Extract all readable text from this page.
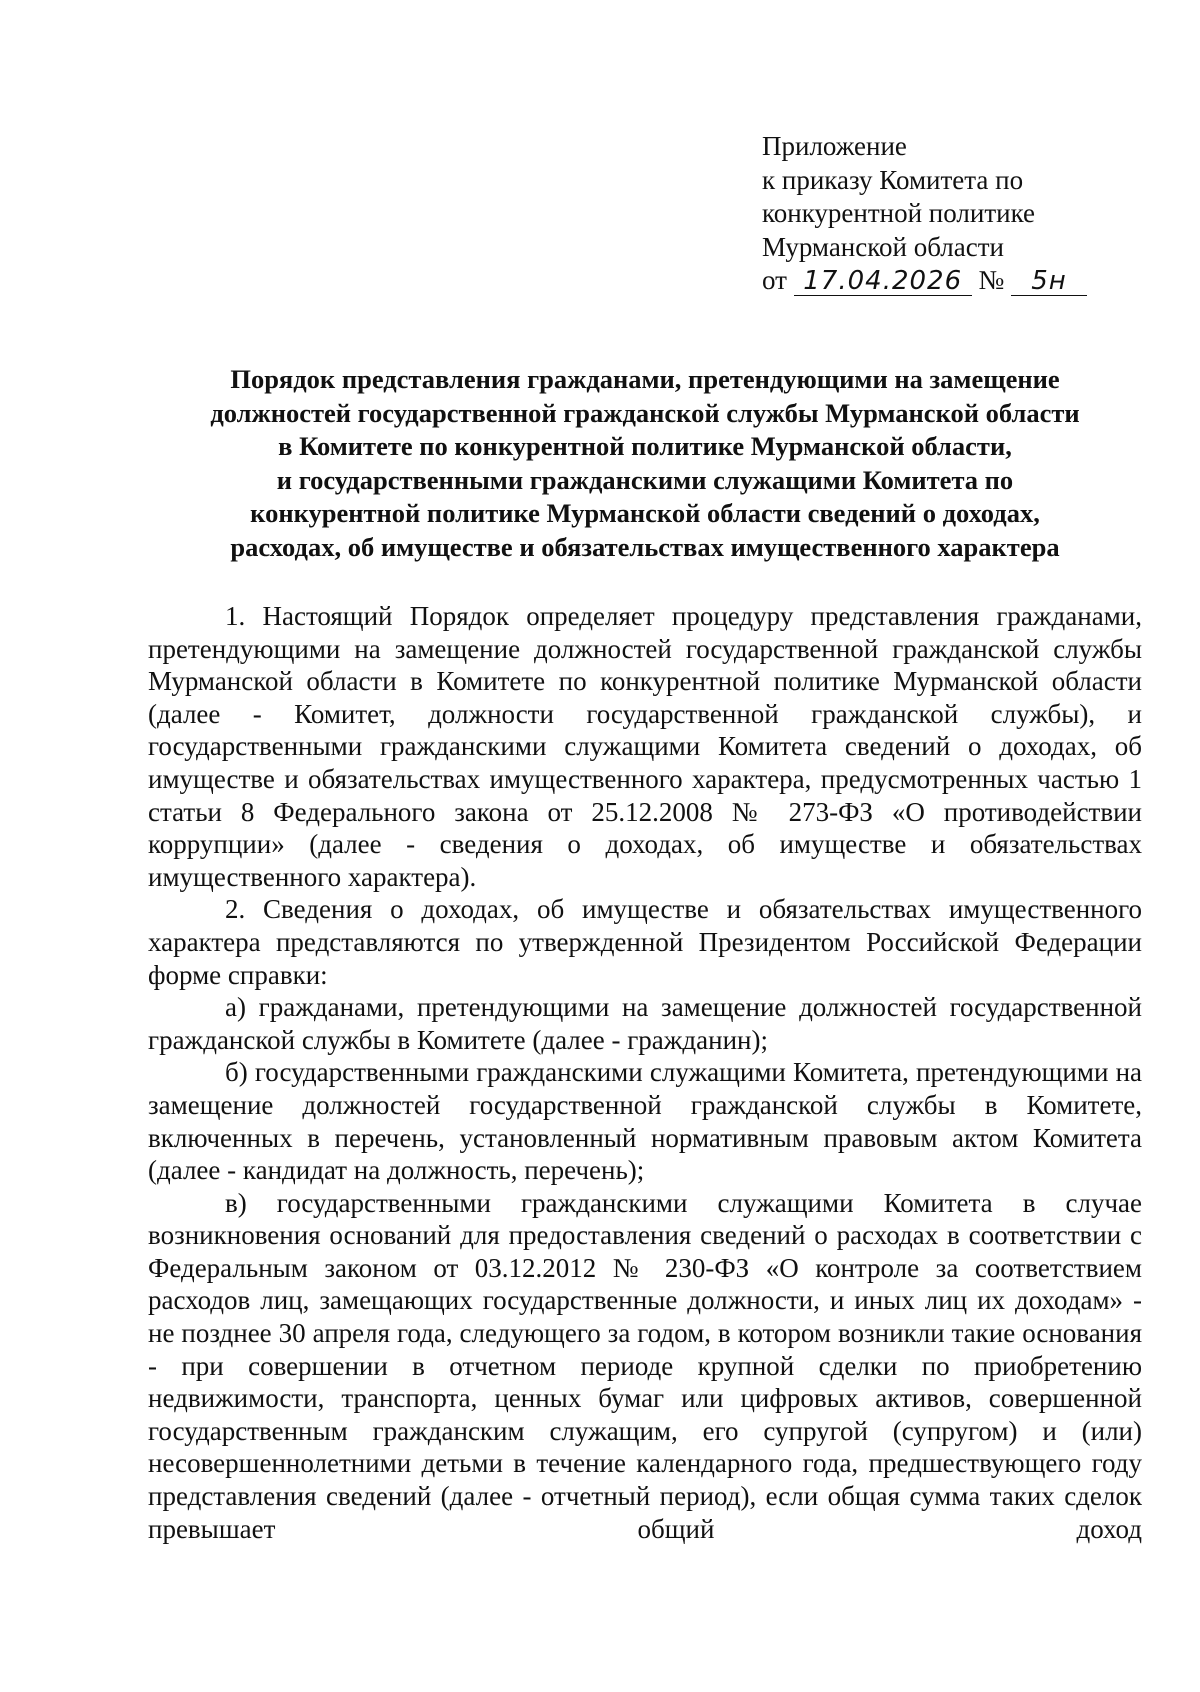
Приложение
к приказу Комитета по
конкурентной политике
Мурманской области
от 17.04.2026 № 5н
Порядок представления гражданами, претендующими на замещение
должностей государственной гражданской службы Мурманской области
в Комитете по конкурентной политике Мурманской области,
и государственными гражданскими служащими Комитета по
конкурентной политике Мурманской области сведений о доходах,
расходах, об имуществе и обязательствах имущественного характера

1. Настоящий Порядок определяет процедуру представления гражданами, претендующими на замещение должностей государственной гражданской службы Мурманской области в Комитете по конкурентной политике Мурманской области (далее - Комитет, должности государственной гражданской службы), и государственными гражданскими служащими Комитета сведений о доходах, об имуществе и обязательствах имущественного характера, предусмотренных частью 1 статьи 8 Федерального закона от 25.12.2008 № 273-ФЗ «О противодействии коррупции» (далее - сведения о доходах, об имуществе и обязательствах имущественного характера).

2. Сведения о доходах, об имуществе и обязательствах имущественного характера представляются по утвержденной Президентом Российской Федерации форме справки:

а) гражданами, претендующими на замещение должностей государственной гражданской службы в Комитете (далее - гражданин);

б) государственными гражданскими служащими Комитета, претендующими на замещение должностей государственной гражданской службы в Комитете, включенных в перечень, установленный нормативным правовым актом Комитета (далее - кандидат на должность, перечень);

в) государственными гражданскими служащими Комитета в случае возникновения оснований для предоставления сведений о расходах в соответствии с Федеральным законом от 03.12.2012 № 230-ФЗ «О контроле за соответствием расходов лиц, замещающих государственные должности, и иных лиц их доходам» - не позднее 30 апреля года, следующего за годом, в котором возникли такие основания - при совершении в отчетном периоде крупной сделки по приобретению недвижимости, транспорта, ценных бумаг или цифровых активов, совершенной государственным гражданским служащим, его супругой (супругом) и (или) несовершеннолетними детьми в течение календарного года, предшествующего году представления сведений (далее - отчетный период), если общая сумма таких сделок превышает общий доход
